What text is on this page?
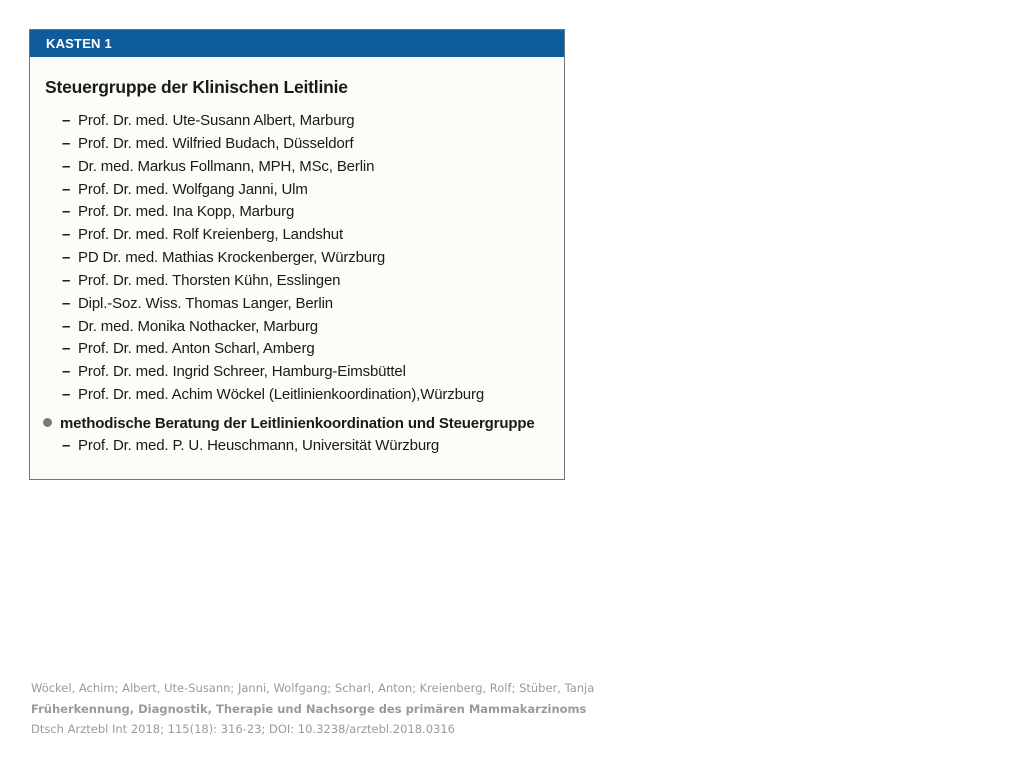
KASTEN 1
Steuergruppe der Klinischen Leitlinie
– Prof. Dr. med. Ute-Susann Albert, Marburg
– Prof. Dr. med. Wilfried Budach, Düsseldorf
– Dr. med. Markus Follmann, MPH, MSc, Berlin
– Prof. Dr. med. Wolfgang Janni, Ulm
– Prof. Dr. med. Ina Kopp, Marburg
– Prof. Dr. med. Rolf Kreienberg, Landshut
– PD Dr. med. Mathias Krockenberger, Würzburg
– Prof. Dr. med. Thorsten Kühn, Esslingen
– Dipl.-Soz. Wiss. Thomas Langer, Berlin
– Dr. med. Monika Nothacker, Marburg
– Prof. Dr. med. Anton Scharl, Amberg
– Prof. Dr. med. Ingrid Schreer, Hamburg-Eimsbüttel
– Prof. Dr. med. Achim Wöckel (Leitlinienkoordination),Würzburg
methodische Beratung der Leitlinienkoordination und Steuergruppe
– Prof. Dr. med. P. U. Heuschmann, Universität Würzburg
Wöckel, Achim; Albert, Ute-Susann; Janni, Wolfgang; Scharl, Anton; Kreienberg, Rolf; Stüber, Tanja
Früherkennung, Diagnostik, Therapie und Nachsorge des primären Mammakarzinoms
Dtsch Arztebl Int 2018; 115(18): 316-23; DOI: 10.3238/arztebl.2018.0316
